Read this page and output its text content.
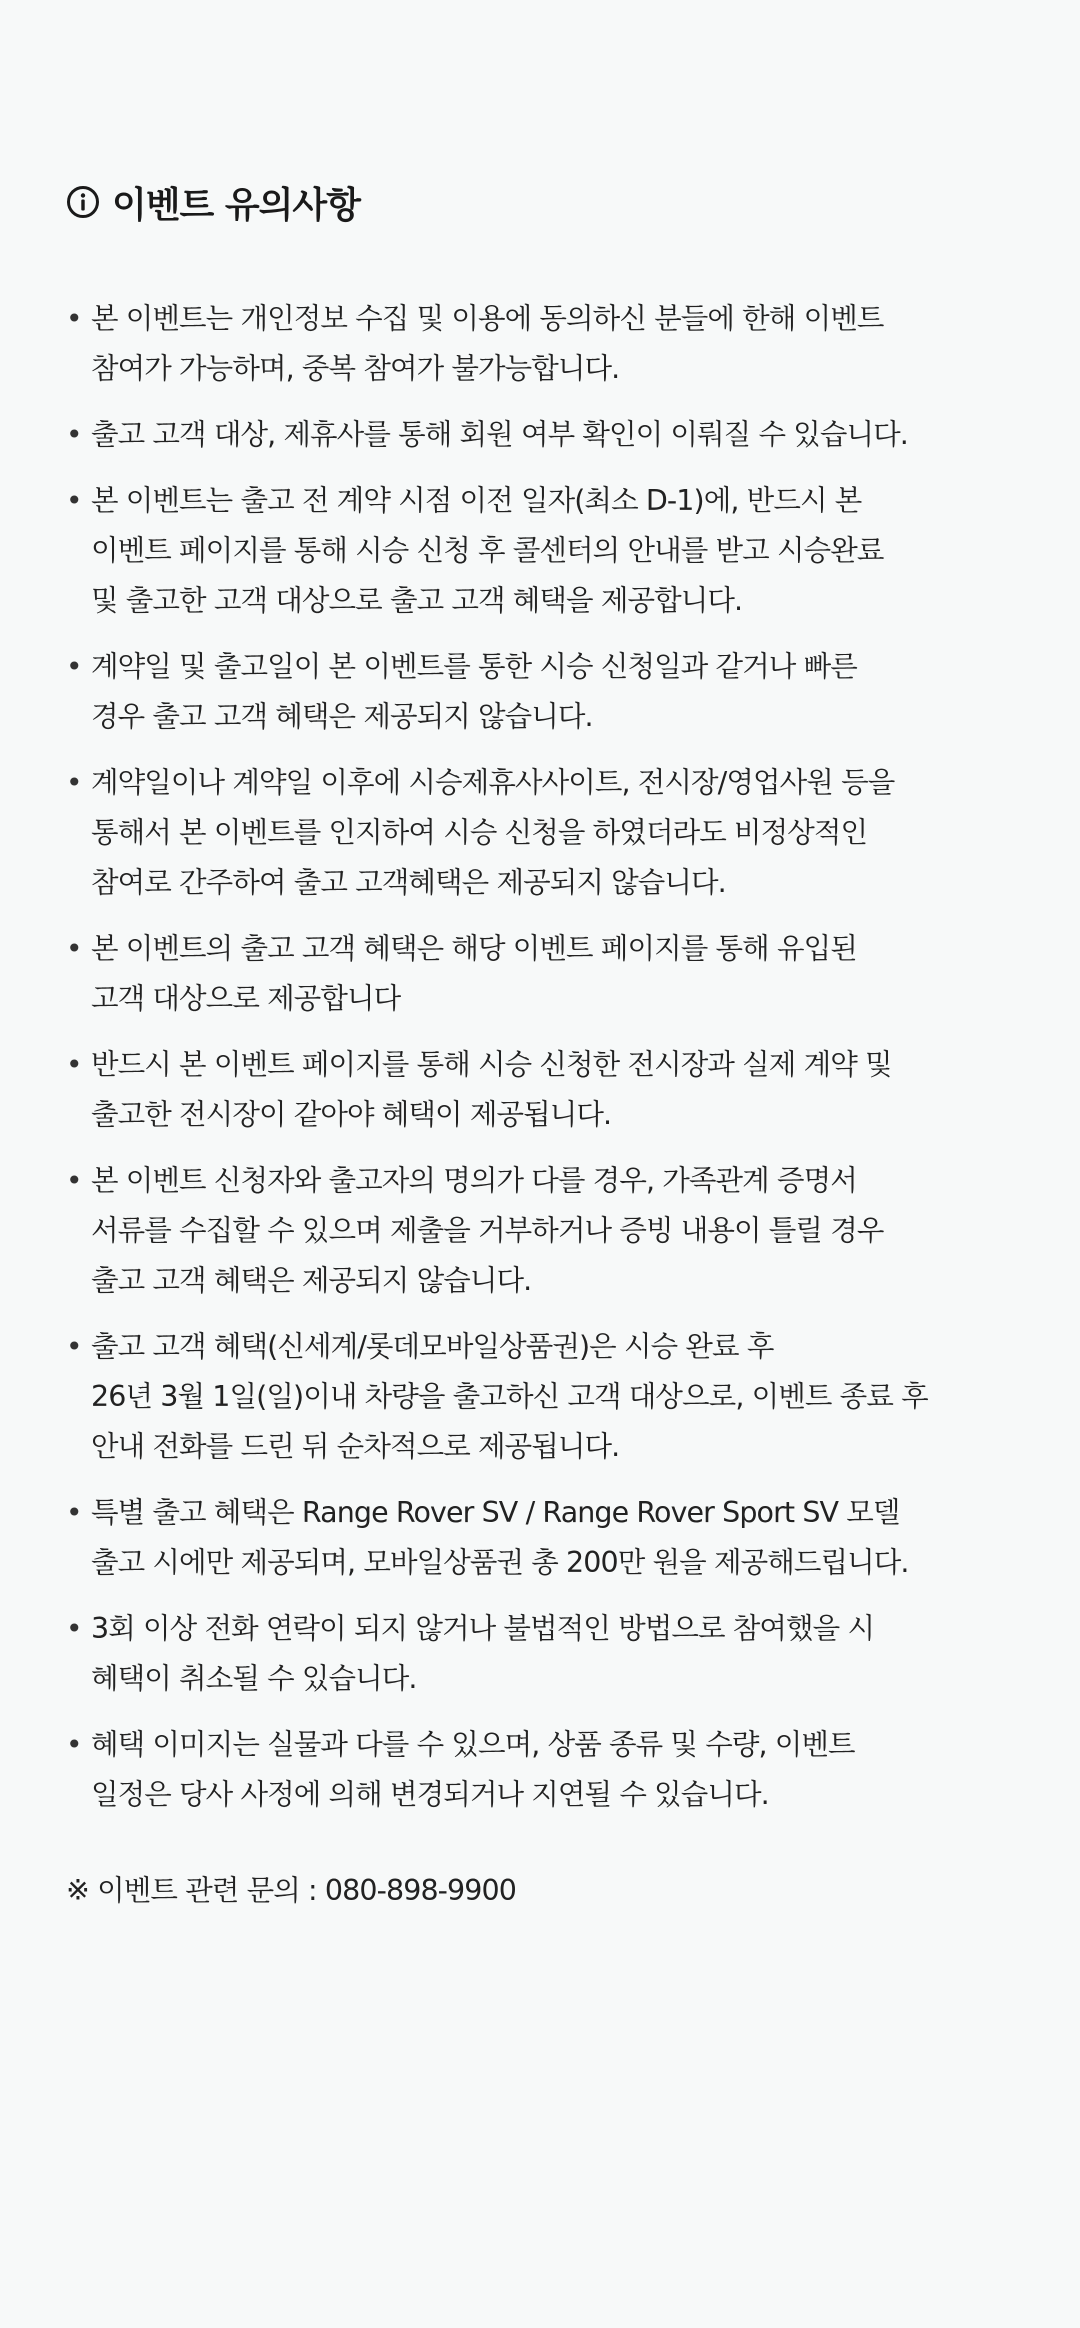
이벤트 유의사항
• 본 이벤트는 개인정보 수집 및 이용에 동의하신 분들에 한해 이벤트
참여가 가능하며, 중복 참여가 불가능합니다.
• 출고 고객 대상, 제휴사를 통해 회원 여부 확인이 이뤄질 수 있습니다.
• 본 이벤트는 출고 전 계약 시점 이전 일자(최소 D-1)에, 반드시 본
이벤트 페이지를 통해 시승 신청 후 콜센터의 안내를 받고 시승완료
및 출고한 고객 대상으로 출고 고객 혜택을 제공합니다.
• 계약일 및 출고일이 본 이벤트를 통한 시승 신청일과 같거나 빠른
경우 출고 고객 혜택은 제공되지 않습니다.
• 계약일이나 계약일 이후에 시승제휴사사이트, 전시장/영업사원 등을
통해서 본 이벤트를 인지하여 시승 신청을 하였더라도 비정상적인
참여로 간주하여 출고 고객혜택은 제공되지 않습니다.
• 본 이벤트의 출고 고객 혜택은 해당 이벤트 페이지를 통해 유입된
고객 대상으로 제공합니다
• 반드시 본 이벤트 페이지를 통해 시승 신청한 전시장과 실제 계약 및
출고한 전시장이 같아야 혜택이 제공됩니다.
• 본 이벤트 신청자와 출고자의 명의가 다를 경우, 가족관계 증명서
서류를 수집할 수 있으며 제출을 거부하거나 증빙 내용이 틀릴 경우
출고 고객 혜택은 제공되지 않습니다.
• 출고 고객 혜택(신세계/롯데모바일상품권)은 시승 완료 후
26년 3월 1일(일)이내 차량을 출고하신 고객 대상으로, 이벤트 종료 후
안내 전화를 드린 뒤 순차적으로 제공됩니다.
• 특별 출고 혜택은 Range Rover SV / Range Rover Sport SV 모델
출고 시에만 제공되며, 모바일상품권 총 200만 원을 제공해드립니다.
• 3회 이상 전화 연락이 되지 않거나 불법적인 방법으로 참여했을 시
혜택이 취소될 수 있습니다.
• 혜택 이미지는 실물과 다를 수 있으며, 상품 종류 및 수량, 이벤트
일정은 당사 사정에 의해 변경되거나 지연될 수 있습니다.
※ 이벤트 관련 문의 : 080-898-9900
